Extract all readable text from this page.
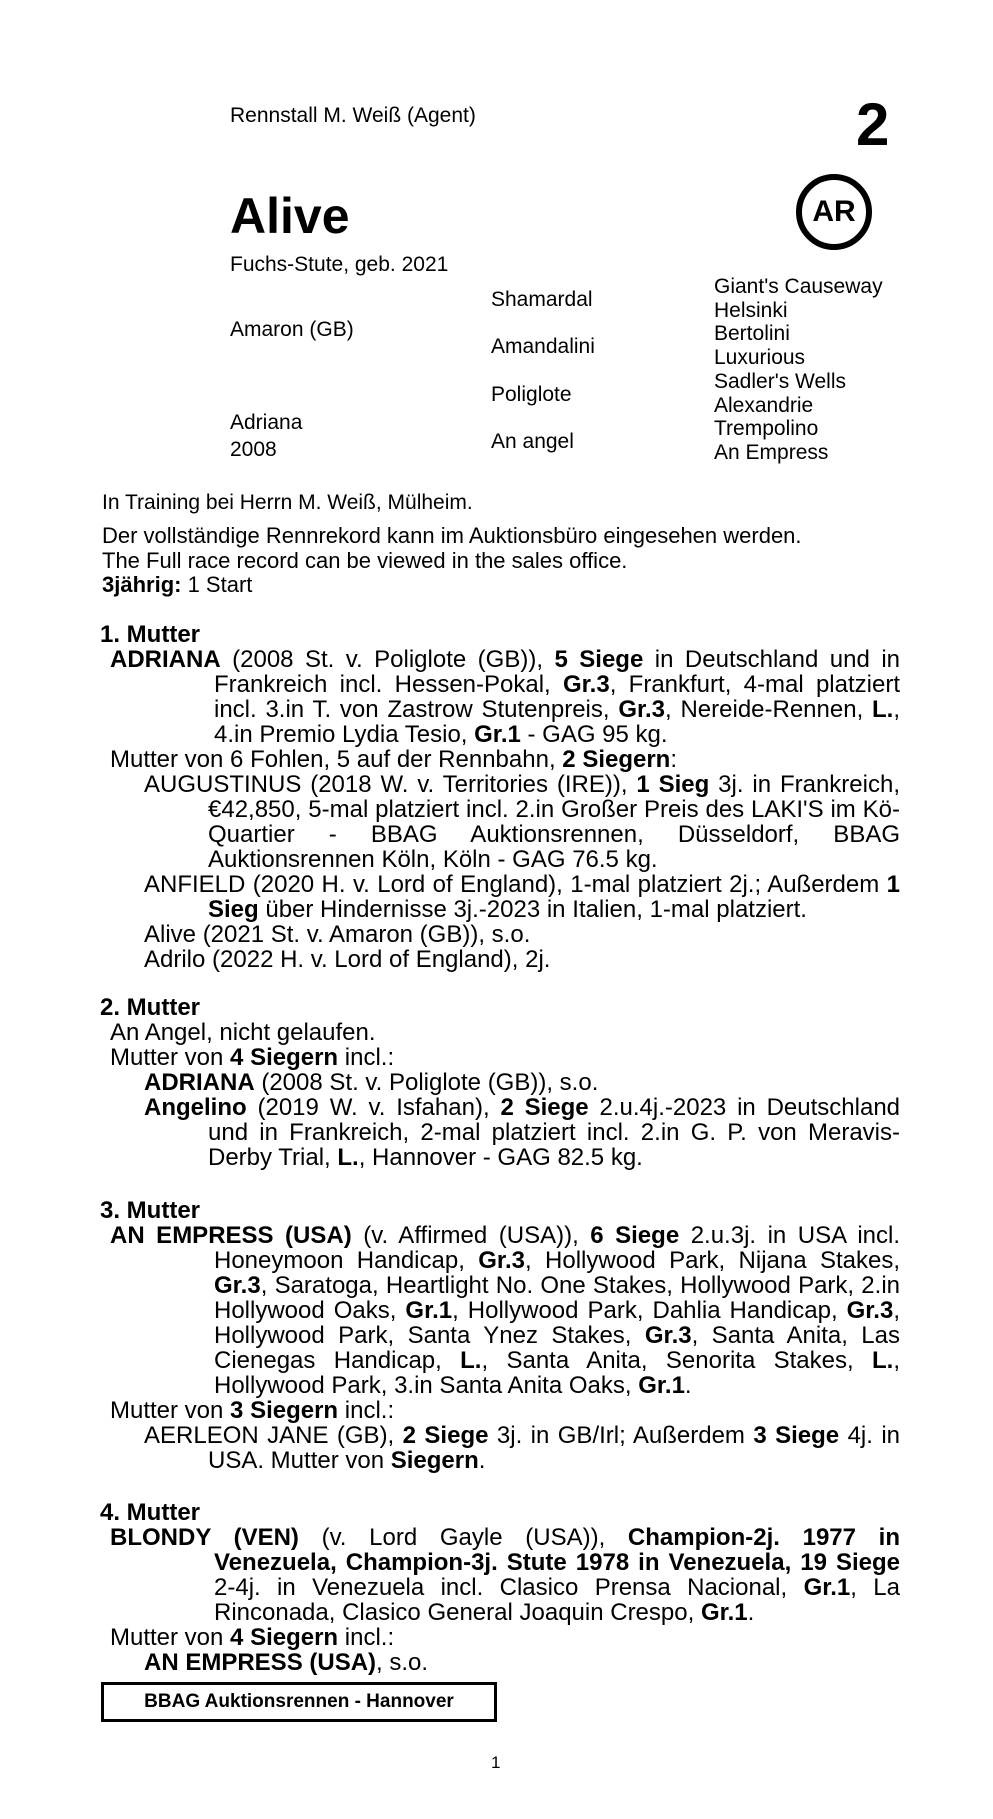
Rennstall M. Weiß (Agent)	2
Alive	AR
Fuchs-Stute, geb. 2021
Amaron (GB)
Adriana
2008
Shamardal
Amandalini
Poliglote
An angel
Giant's Causeway
Helsinki
Bertolini
Luxurious
Sadler's Wells
Alexandrie
Trempolino
An Empress
In Training bei Herrn M. Weiß, Mülheim.
Der vollständige Rennrekord kann im Auktionsbüro eingesehen werden.
The Full race record can be viewed in the sales office.
3jährig: 1 Start
1. Mutter
ADRIANA (2008 St. v. Poliglote (GB)), 5 Siege in Deutschland und in Frankreich incl. Hessen-Pokal, Gr.3, Frankfurt, 4-mal platziert incl. 3.in T. von Zastrow Stutenpreis, Gr.3, Nereide-Rennen, L., 4.in Premio Lydia Tesio, Gr.1 - GAG 95 kg.
Mutter von 6 Fohlen, 5 auf der Rennbahn, 2 Siegern:
AUGUSTINUS (2018 W. v. Territories (IRE)), 1 Sieg 3j. in Frankreich, €42,850, 5-mal platziert incl. 2.in Großer Preis des LAKI'S im Kö-Quartier - BBAG Auktionsrennen, Düsseldorf, BBAG Auktionsrennen Köln, Köln - GAG 76.5 kg.
ANFIELD (2020 H. v. Lord of England), 1-mal platziert 2j.; Außerdem 1 Sieg über Hindernisse 3j.-2023 in Italien, 1-mal platziert.
Alive (2021 St. v. Amaron (GB)), s.o.
Adrilo (2022 H. v. Lord of England), 2j.
2. Mutter
An Angel, nicht gelaufen.
Mutter von 4 Siegern incl.:
ADRIANA (2008 St. v. Poliglote (GB)), s.o.
Angelino (2019 W. v. Isfahan), 2 Siege 2.u.4j.-2023 in Deutschland und in Frankreich, 2-mal platziert incl. 2.in G. P. von Meravis-Derby Trial, L., Hannover - GAG 82.5 kg.
3. Mutter
AN EMPRESS (USA) (v. Affirmed (USA)), 6 Siege 2.u.3j. in USA incl. Honeymoon Handicap, Gr.3, Hollywood Park, Nijana Stakes, Gr.3, Saratoga, Heartlight No. One Stakes, Hollywood Park, 2.in Hollywood Oaks, Gr.1, Hollywood Park, Dahlia Handicap, Gr.3, Hollywood Park, Santa Ynez Stakes, Gr.3, Santa Anita, Las Cienegas Handicap, L., Santa Anita, Senorita Stakes, L., Hollywood Park, 3.in Santa Anita Oaks, Gr.1.
Mutter von 3 Siegern incl.:
AERLEON JANE (GB), 2 Siege 3j. in GB/Irl; Außerdem 3 Siege 4j. in USA. Mutter von Siegern.
4. Mutter
BLONDY (VEN) (v. Lord Gayle (USA)), Champion-2j. 1977 in Venezuela, Champion-3j. Stute 1978 in Venezuela, 19 Siege 2-4j. in Venezuela incl. Clasico Prensa Nacional, Gr.1, La Rinconada, Clasico General Joaquin Crespo, Gr.1.
Mutter von 4 Siegern incl.:
AN EMPRESS (USA), s.o.
BBAG Auktionsrennen - Hannover
1
